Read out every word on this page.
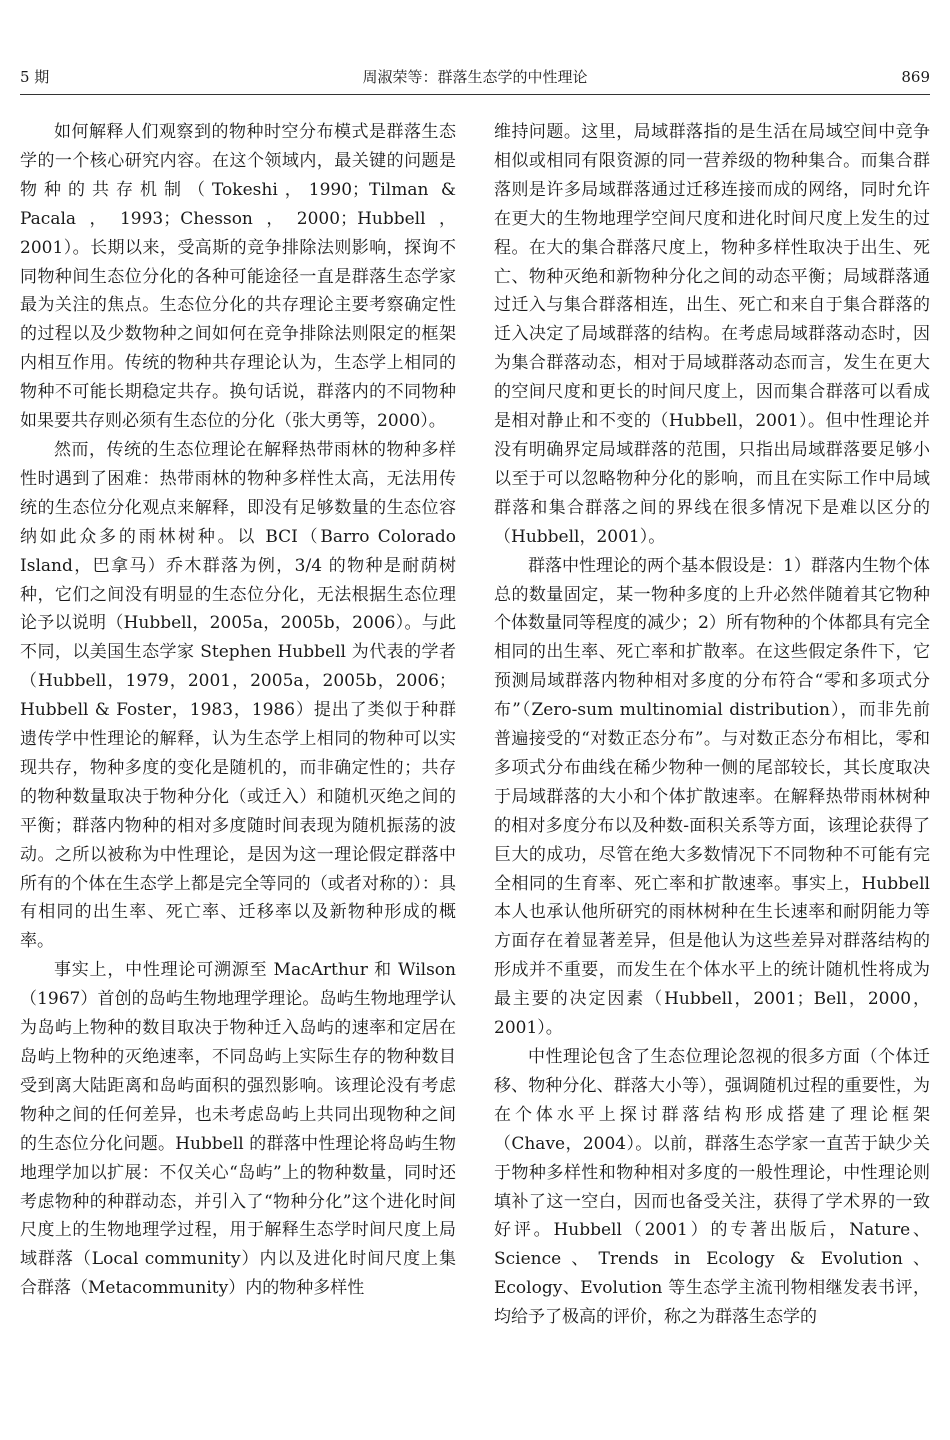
5 期	周淑荣等：群落生态学的中性理论	869

如何解释人们观察到的物种时空分布模式是群落生态学的一个核心研究内容。在这个领域内，最关键的问题是物种的共存机制（Tokeshi，1990；Tilman & Pacala，1993；Chesson，2000；Hubbell，2001）。长期以来，受高斯的竞争排除法则影响，探询不同物种间生态位分化的各种可能途径一直是群落生态学家最为关注的焦点。生态位分化的共存理论主要考察确定性的过程以及少数物种之间如何在竞争排除法则限定的框架内相互作用。传统的物种共存理论认为，生态学上相同的物种不可能长期稳定共存。换句话说，群落内的不同物种如果要共存则必须有生态位的分化（张大勇等，2000）。

然而，传统的生态位理论在解释热带雨林的物种多样性时遇到了困难：热带雨林的物种多样性太高，无法用传统的生态位分化观点来解释，即没有足够数量的生态位容纳如此众多的雨林树种。以 BCI（Barro Colorado Island，巴拿马）乔木群落为例，3/4 的物种是耐荫树种，它们之间没有明显的生态位分化，无法根据生态位理论予以说明（Hubbell，2005a，2005b，2006）。与此不同，以美国生态学家 Stephen Hubbell 为代表的学者（Hubbell，1979，2001，2005a，2005b，2006；Hubbell & Foster，1983，1986）提出了类似于种群遗传学中性理论的解释，认为生态学上相同的物种可以实现共存，物种多度的变化是随机的，而非确定性的；共存的物种数量取决于物种分化（或迁入）和随机灭绝之间的平衡；群落内物种的相对多度随时间表现为随机振荡的波动。之所以被称为中性理论，是因为这一理论假定群落中所有的个体在生态学上都是完全等同的（或者对称的）：具有相同的出生率、死亡率、迁移率以及新物种形成的概率。

事实上，中性理论可溯源至 MacArthur 和 Wilson（1967）首创的岛屿生物地理学理论。岛屿生物地理学认为岛屿上物种的数目取决于物种迁入岛屿的速率和定居在岛屿上物种的灭绝速率，不同岛屿上实际生存的物种数目受到离大陆距离和岛屿面积的强烈影响。该理论没有考虑物种之间的任何差异，也未考虑岛屿上共同出现物种之间的生态位分化问题。Hubbell 的群落中性理论将岛屿生物地理学加以扩展：不仅关心“岛屿”上的物种数量，同时还考虑物种的种群动态，并引入了“物种分化”这个进化时间尺度上的生物地理学过程，用于解释生态学时间尺度上局域群落（Local community）内以及进化时间尺度上集合群落（Metacommunity）内的物种多样性

维持问题。这里，局域群落指的是生活在局域空间中竞争相似或相同有限资源的同一营养级的物种集合。而集合群落则是许多局域群落通过迁移连接而成的网络，同时允许在更大的生物地理学空间尺度和进化时间尺度上发生的过程。在大的集合群落尺度上，物种多样性取决于出生、死亡、物种灭绝和新物种分化之间的动态平衡；局域群落通过迁入与集合群落相连，出生、死亡和来自于集合群落的迁入决定了局域群落的结构。在考虑局域群落动态时，因为集合群落动态，相对于局域群落动态而言，发生在更大的空间尺度和更长的时间尺度上，因而集合群落可以看成是相对静止和不变的（Hubbell，2001）。但中性理论并没有明确界定局域群落的范围，只指出局域群落要足够小以至于可以忽略物种分化的影响，而且在实际工作中局域群落和集合群落之间的界线在很多情况下是难以区分的（Hubbell，2001）。

群落中性理论的两个基本假设是：1）群落内生物个体总的数量固定，某一物种多度的上升必然伴随着其它物种个体数量同等程度的减少；2）所有物种的个体都具有完全相同的出生率、死亡率和扩散率。在这些假定条件下，它预测局域群落内物种相对多度的分布符合“零和多项式分布”（Zero-sum multinomial distribution），而非先前普遍接受的“对数正态分布”。与对数正态分布相比，零和多项式分布曲线在稀少物种一侧的尾部较长，其长度取决于局域群落的大小和个体扩散速率。在解释热带雨林树种的相对多度分布以及种数-面积关系等方面，该理论获得了巨大的成功，尽管在绝大多数情况下不同物种不可能有完全相同的生育率、死亡率和扩散速率。事实上，Hubbell 本人也承认他所研究的雨林树种在生长速率和耐阴能力等方面存在着显著差异，但是他认为这些差异对群落结构的形成并不重要，而发生在个体水平上的统计随机性将成为最主要的决定因素（Hubbell，2001；Bell，2000，2001）。

中性理论包含了生态位理论忽视的很多方面（个体迁移、物种分化、群落大小等），强调随机过程的重要性，为在个体水平上探讨群落结构形成搭建了理论框架（Chave，2004）。以前，群落生态学家一直苦于缺少关于物种多样性和物种相对多度的一般性理论，中性理论则填补了这一空白，因而也备受关注，获得了学术界的一致好评。Hubbell（2001）的专著出版后，Nature、Science、Trends in Ecology & Evolution、Ecology、Evolution 等生态学主流刊物相继发表书评，均给予了极高的评价，称之为群落生态学的
